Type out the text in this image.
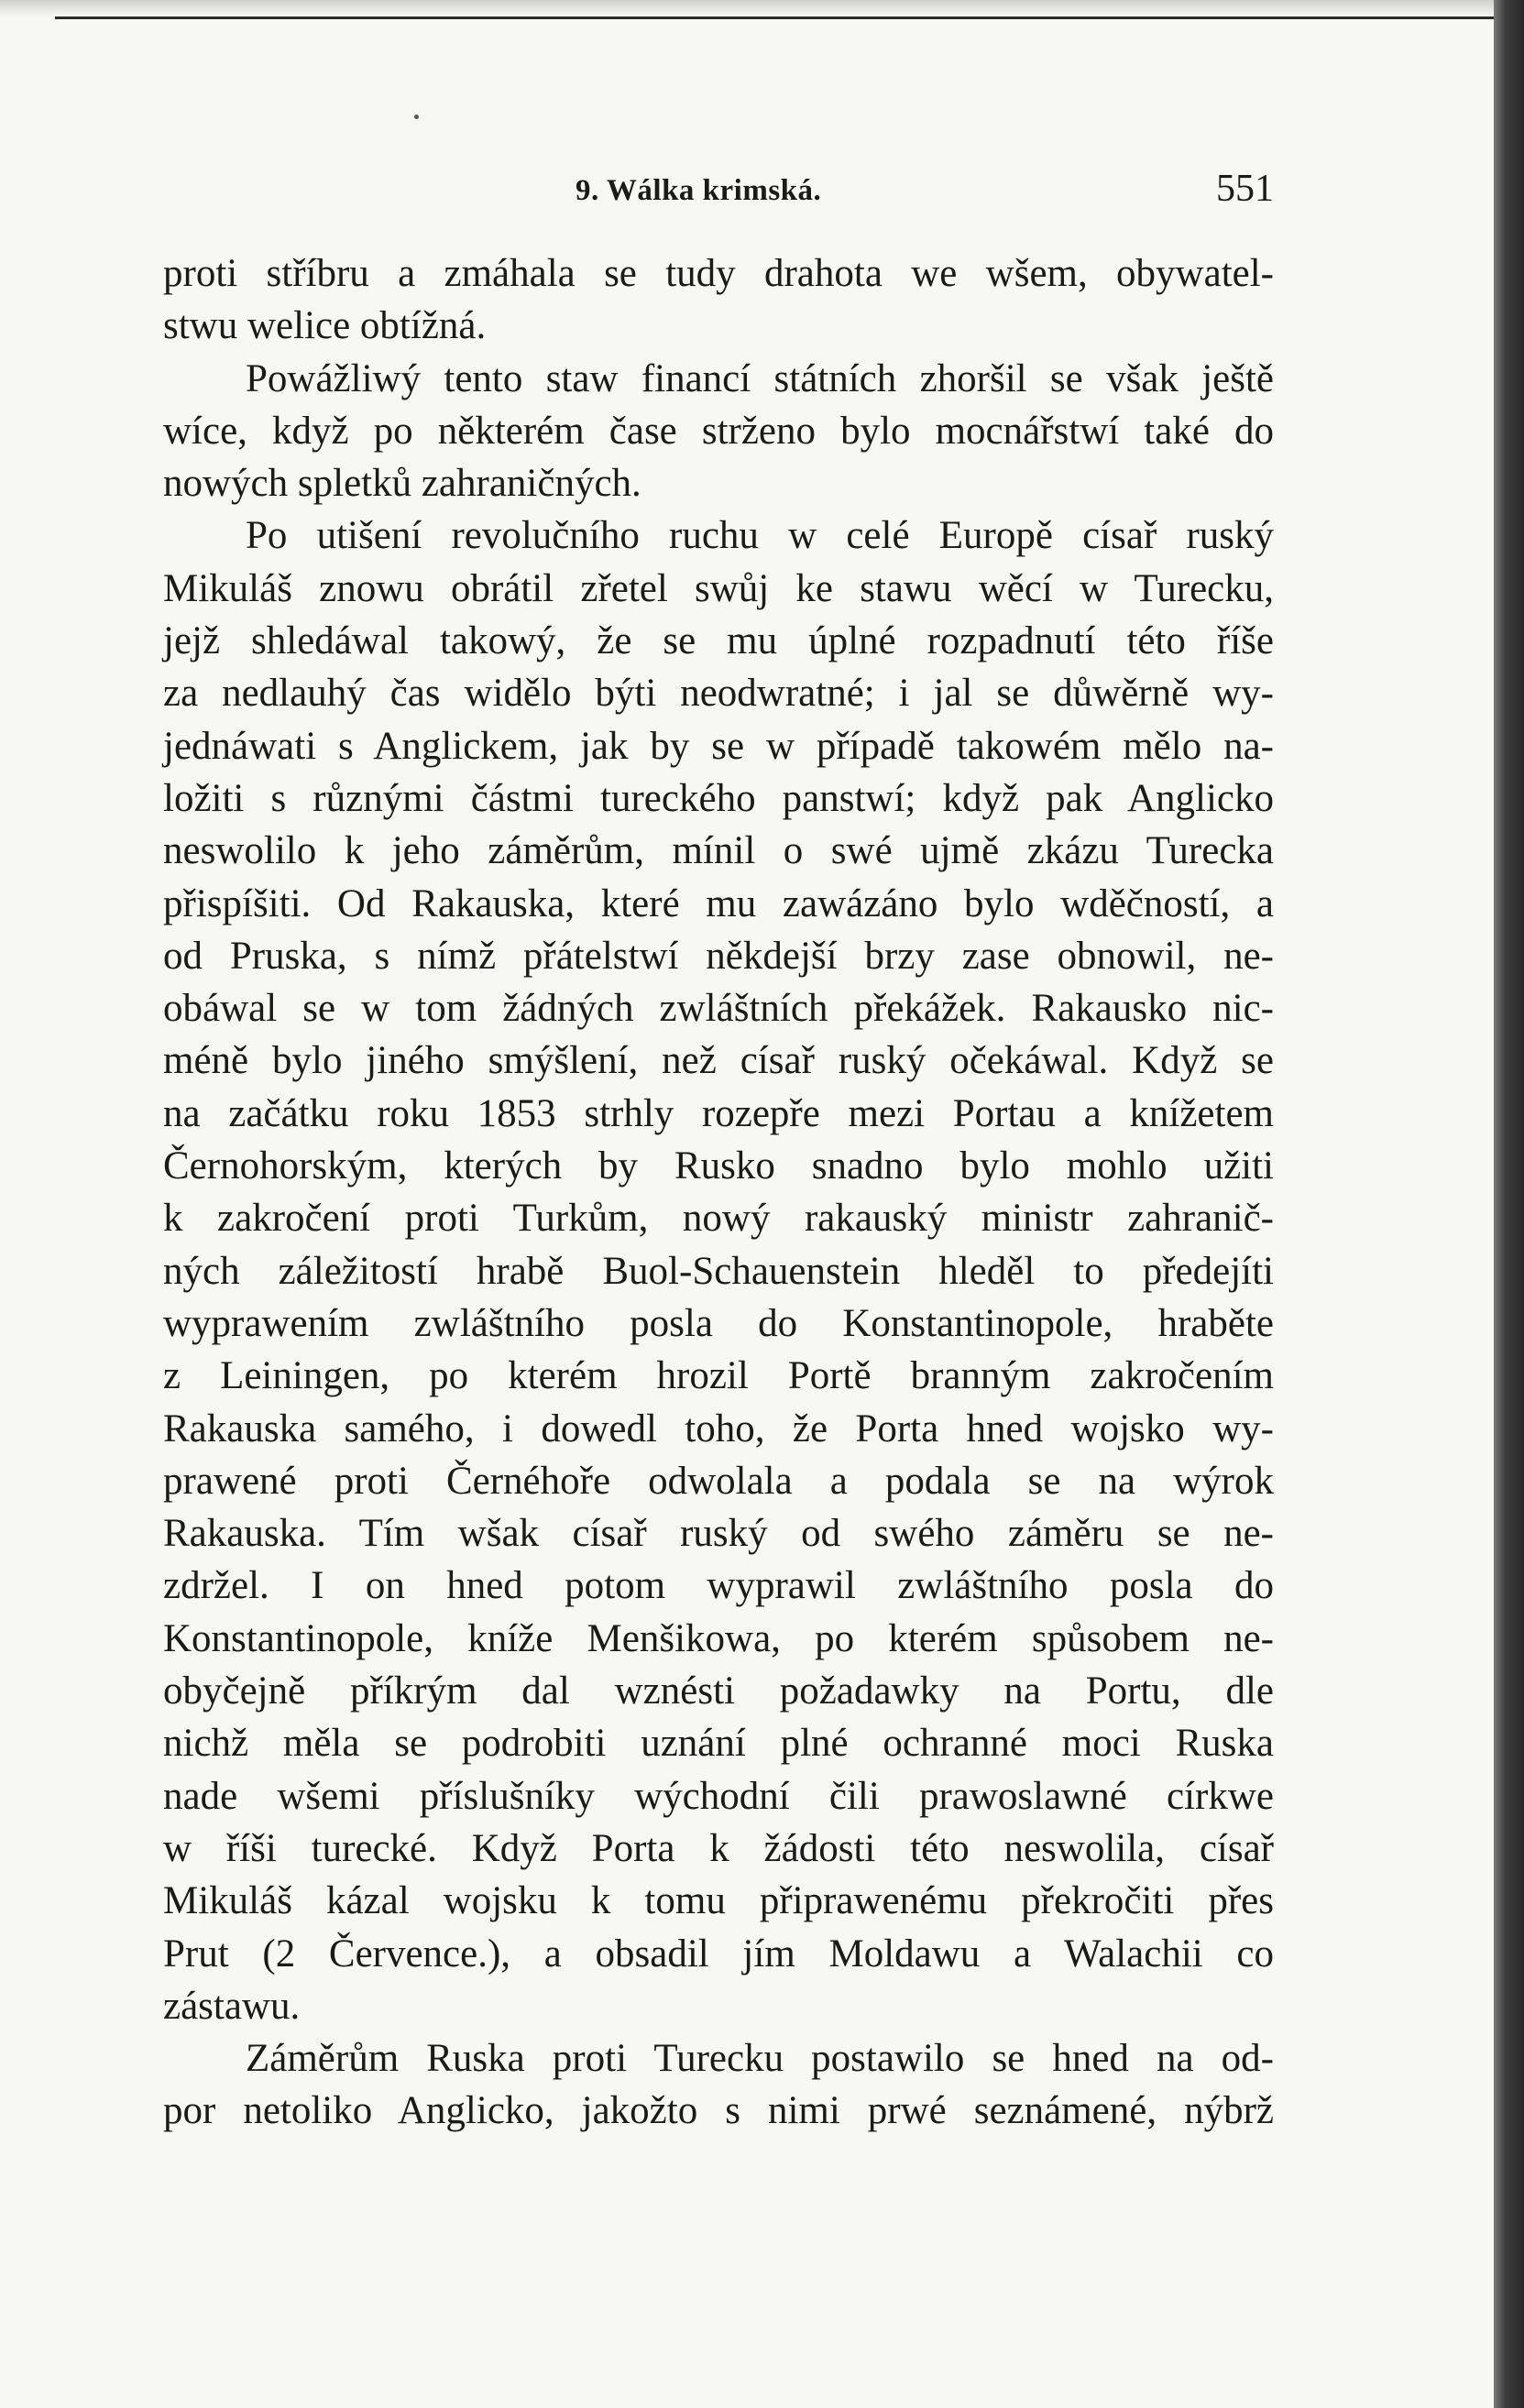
9. Wálka krimská.	551
proti stříbru a zmáhala se tudy drahota we wšem, obywatel-
stwu welice obtížná.
Powážliwý tento staw financí státních zhoršil se však ještě
wíce, když po některém čase strženo bylo mocnářstwí také do
nowých spletků zahraničných.
Po utišení revolučního ruchu w celé Europě císař ruský
Mikuláš znowu obrátil zřetel swůj ke stawu wěcí w Turecku,
jejž shledáwal takowý, že se mu úplné rozpadnutí této říše
za nedlauhý čas widělo býti neodwratné; i jal se důwěrně wy-
jednáwati s Anglickem, jak by se w případě takowém mělo na-
ložiti s různými částmi tureckého panstwí; když pak Anglicko
neswolilo k jeho záměrům, mínil o swé ujmě zkázu Turecka
přispíšiti. Od Rakauska, které mu zawázáno bylo wděčností, a
od Pruska, s nímž přátelstwí někdejší brzy zase obnowil, ne-
obáwal se w tom žádných zwláštních překážek. Rakausko nic-
méně bylo jiného smýšlení, než císař ruský očekáwal. Když se
na začátku roku 1853 strhly rozepře mezi Portau a knížetem
Černohorským, kterých by Rusko snadno bylo mohlo užiti
k zakročení proti Turkům, nowý rakauský ministr zahranič-
ných záležitostí hrabě Buol-Schauenstein hleděl to předejíti
wyprawením zwláštního posla do Konstantinopole, hraběte
z Leiningen, po kterém hrozil Portě branným zakročením
Rakauska samého, i dowedl toho, že Porta hned wojsko wy-
prawené proti Černéhoře odwolala a podala se na wýrok
Rakauska. Tím wšak císař ruský od swého záměru se ne-
zdržel. I on hned potom wyprawil zwláštního posla do
Konstantinopole, kníže Menšikowa, po kterém spůsobem ne-
obyčejně příkrým dal wznésti požadawky na Portu, dle
nichž měla se podrobiti uznání plné ochranné moci Ruska
nade wšemi příslušníky wýchodní čili prawoslawné církwe
w říši turecké. Když Porta k žádosti této neswolila, císař
Mikuláš kázal wojsku k tomu připrawenému překročiti přes
Prut (2 Července.), a obsadil jím Moldawu a Walachii co
zástawu.
Záměrům Ruska proti Turecku postawilo se hned na od-
por netoliko Anglicko, jakožto s nimi prwé seznámené, nýbrž
